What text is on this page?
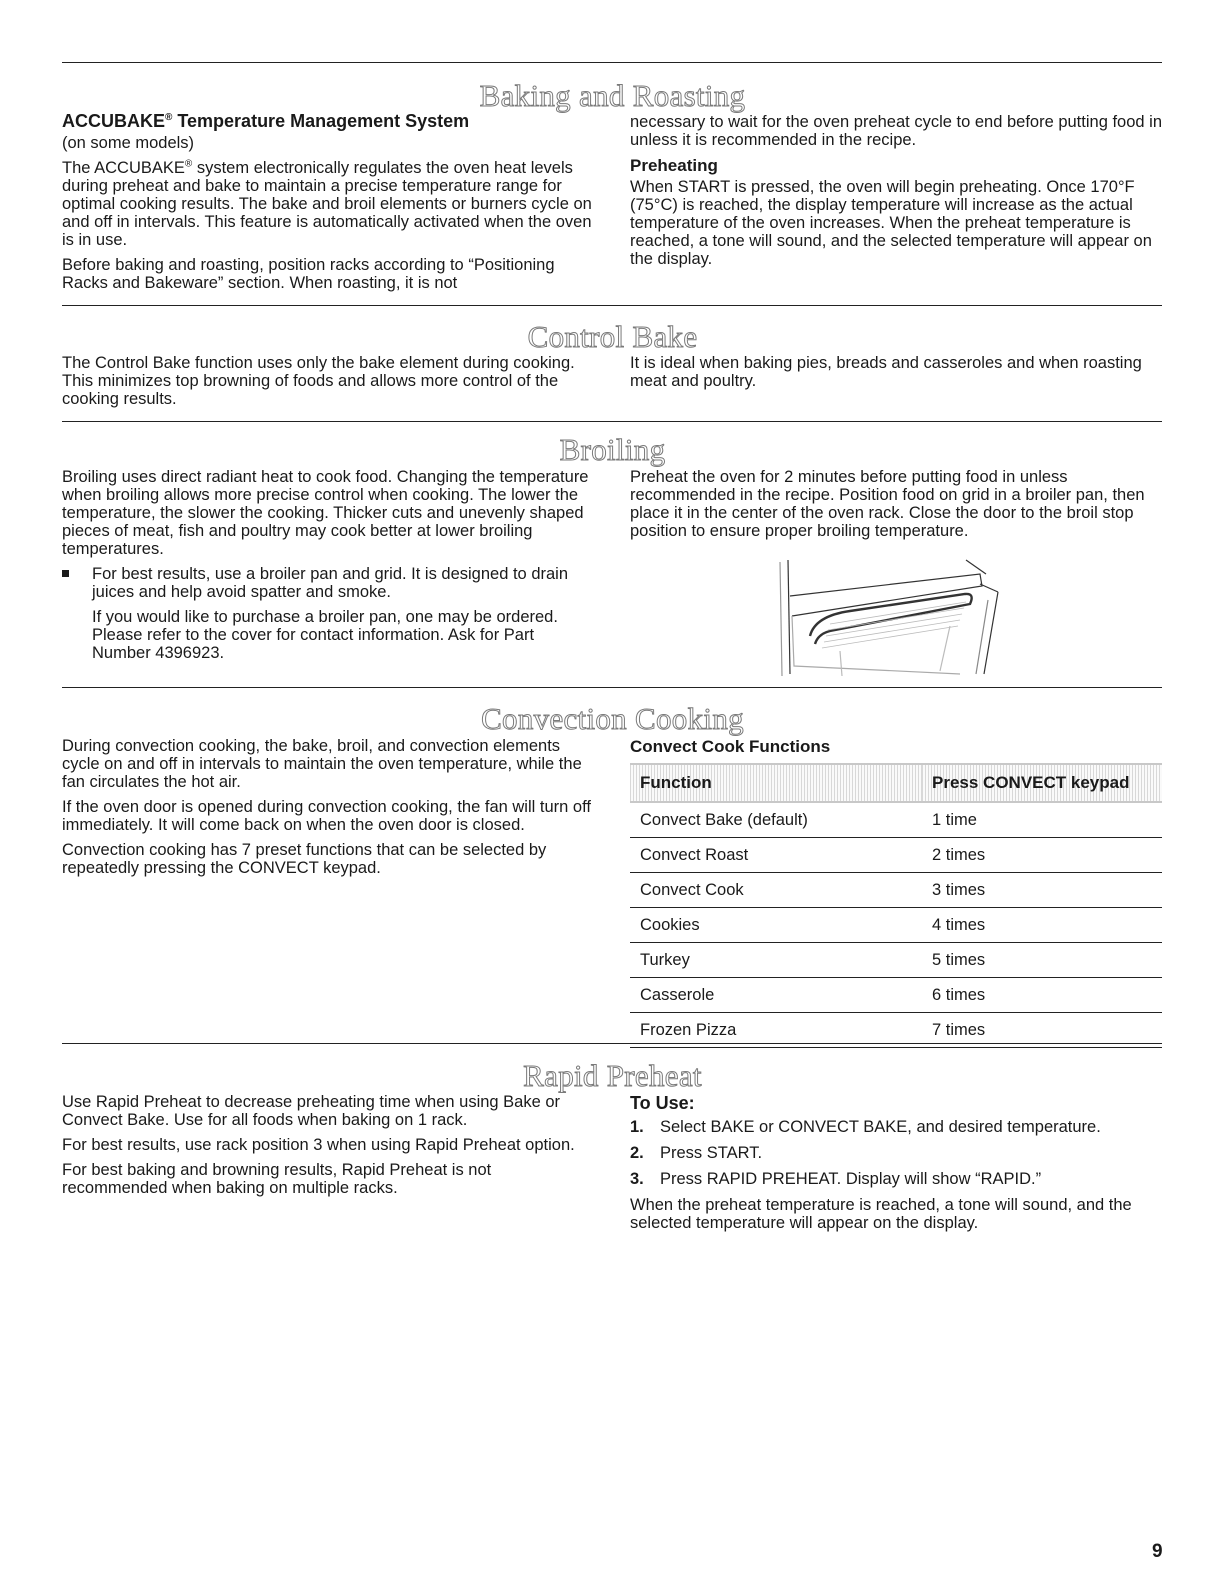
Baking and Roasting
ACCUBAKE® Temperature Management System

(on some models)

The ACCUBAKE® system electronically regulates the oven heat levels during preheat and bake to maintain a precise temperature range for optimal cooking results. The bake and broil elements or burners cycle on and off in intervals. This feature is automatically activated when the oven is in use.

Before baking and roasting, position racks according to “Positioning Racks and Bakeware” section. When roasting, it is not

necessary to wait for the oven preheat cycle to end before putting food in unless it is recommended in the recipe.

Preheating

When START is pressed, the oven will begin preheating. Once 170°F (75°C) is reached, the display temperature will increase as the actual temperature of the oven increases. When the preheat temperature is reached, a tone will sound, and the selected temperature will appear on the display.

Control Bake

The Control Bake function uses only the bake element during cooking. This minimizes top browning of foods and allows more control of the cooking results.

It is ideal when baking pies, breads and casseroles and when roasting meat and poultry.

Broiling

Broiling uses direct radiant heat to cook food. Changing the temperature when broiling allows more precise control when cooking. The lower the temperature, the slower the cooking. Thicker cuts and unevenly shaped pieces of meat, fish and poultry may cook better at lower broiling temperatures.

For best results, use a broiler pan and grid. It is designed to drain juices and help avoid spatter and smoke.

If you would like to purchase a broiler pan, one may be ordered. Please refer to the cover for contact information. Ask for Part Number 4396923.

Preheat the oven for 2 minutes before putting food in unless recommended in the recipe. Position food on grid in a broiler pan, then place it in the center of the oven rack. Close the door to the broil stop position to ensure proper broiling temperature.

Convection Cooking

During convection cooking, the bake, broil, and convection elements cycle on and off in intervals to maintain the oven temperature, while the fan circulates the hot air.

If the oven door is opened during convection cooking, the fan will turn off immediately. It will come back on when the oven door is closed.

Convection cooking has 7 preset functions that can be selected by repeatedly pressing the CONVECT keypad.

Convect Cook Functions
Function	Press CONVECT keypad
Convect Bake (default)	1 time
Convect Roast	2 times
Convect Cook	3 times
Cookies	4 times
Turkey	5 times
Casserole	6 times
Frozen Pizza	7 times
Rapid Preheat

Use Rapid Preheat to decrease preheating time when using Bake or Convect Bake. Use for all foods when baking on 1 rack.

For best results, use rack position 3 when using Rapid Preheat option.

For best baking and browning results, Rapid Preheat is not recommended when baking on multiple racks.

To Use:
1. Select BAKE or CONVECT BAKE, and desired temperature.
2. Press START.
3. Press RAPID PREHEAT. Display will show “RAPID.”

When the preheat temperature is reached, a tone will sound, and the selected temperature will appear on the display.

9
